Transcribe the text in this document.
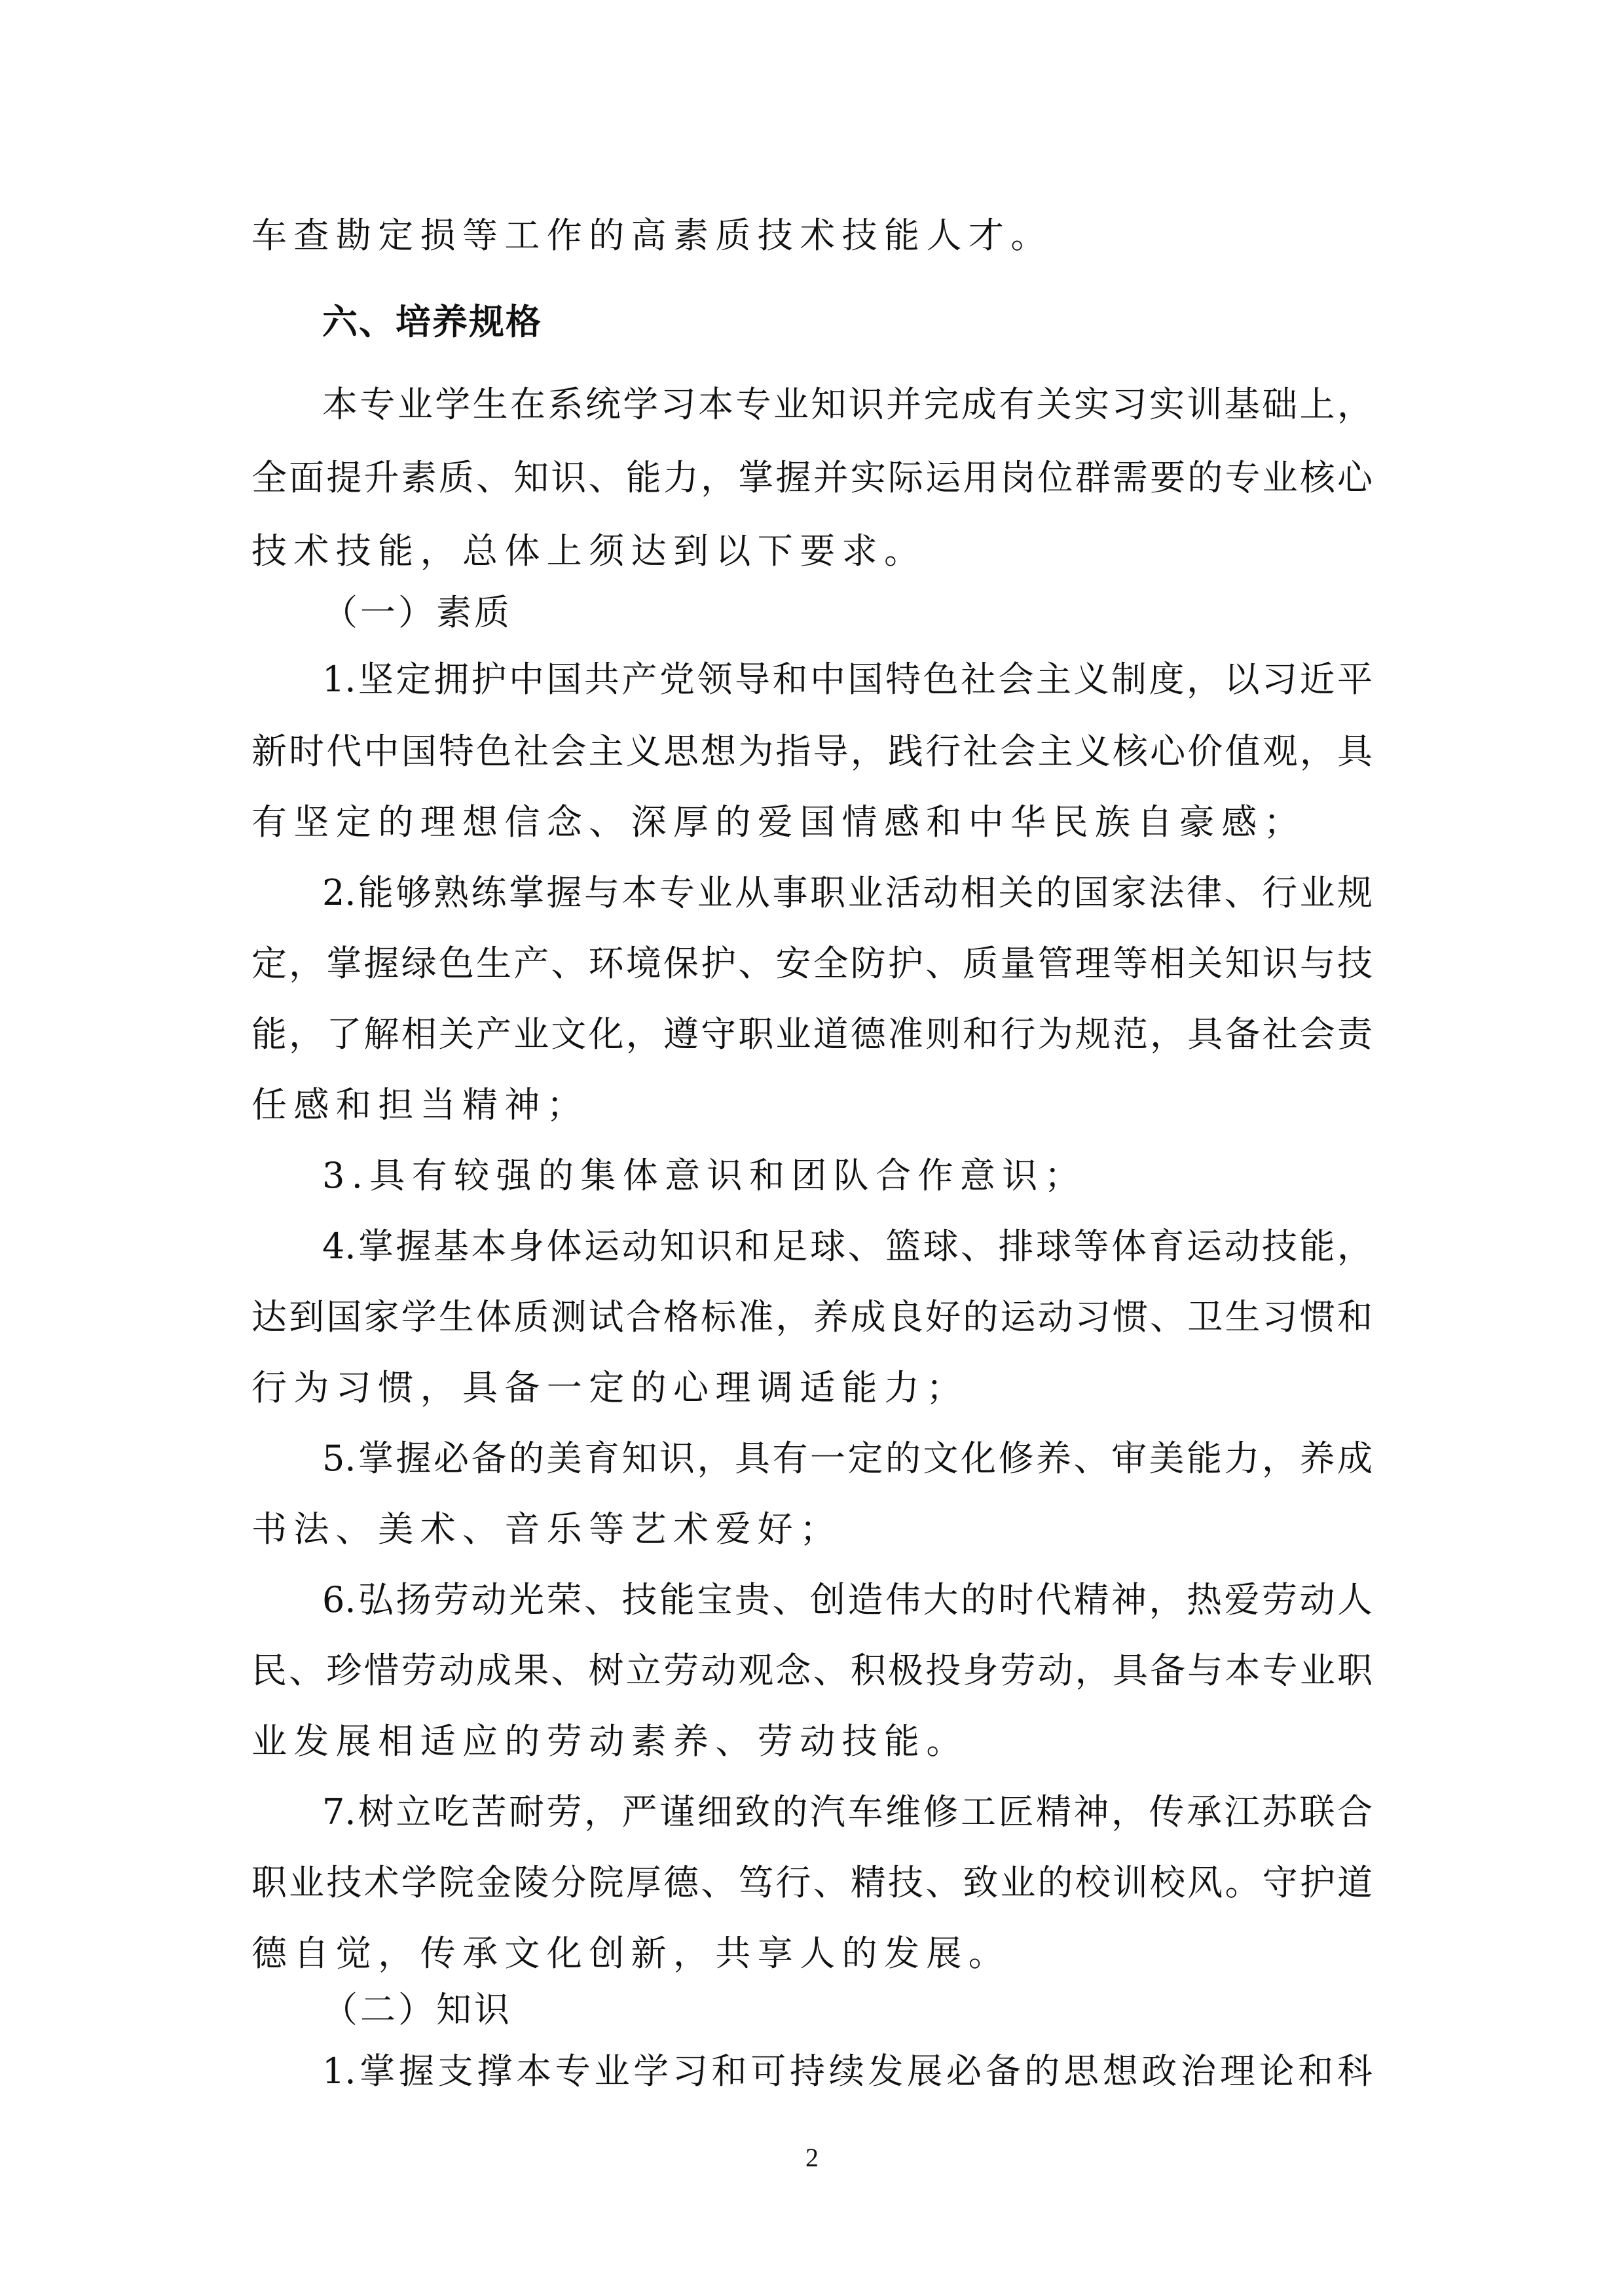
车查勘定损等工作的高素质技术技能人才。
六、培养规格
本专业学生在系统学习本专业知识并完成有关实习实训基础上，
全面提升素质、知识、能力，掌握并实际运用岗位群需要的专业核心
技术技能，总体上须达到以下要求。
（一）素质
1.坚定拥护中国共产党领导和中国特色社会主义制度，以习近平
新时代中国特色社会主义思想为指导，践行社会主义核心价值观，具
有坚定的理想信念、深厚的爱国情感和中华民族自豪感；
2.能够熟练掌握与本专业从事职业活动相关的国家法律、行业规
定，掌握绿色生产、环境保护、安全防护、质量管理等相关知识与技
能，了解相关产业文化，遵守职业道德准则和行为规范，具备社会责
任感和担当精神；
3.具有较强的集体意识和团队合作意识；
4.掌握基本身体运动知识和足球、篮球、排球等体育运动技能，
达到国家学生体质测试合格标准，养成良好的运动习惯、卫生习惯和
行为习惯，具备一定的心理调适能力；
5.掌握必备的美育知识，具有一定的文化修养、审美能力，养成
书法、美术、音乐等艺术爱好；
6.弘扬劳动光荣、技能宝贵、创造伟大的时代精神，热爱劳动人
民、珍惜劳动成果、树立劳动观念、积极投身劳动，具备与本专业职
业发展相适应的劳动素养、劳动技能。
7.树立吃苦耐劳，严谨细致的汽车维修工匠精神，传承江苏联合
职业技术学院金陵分院厚德、笃行、精技、致业的校训校风。守护道
德自觉，传承文化创新，共享人的发展。
（二）知识
1.掌握支撑本专业学习和可持续发展必备的思想政治理论和科
2
